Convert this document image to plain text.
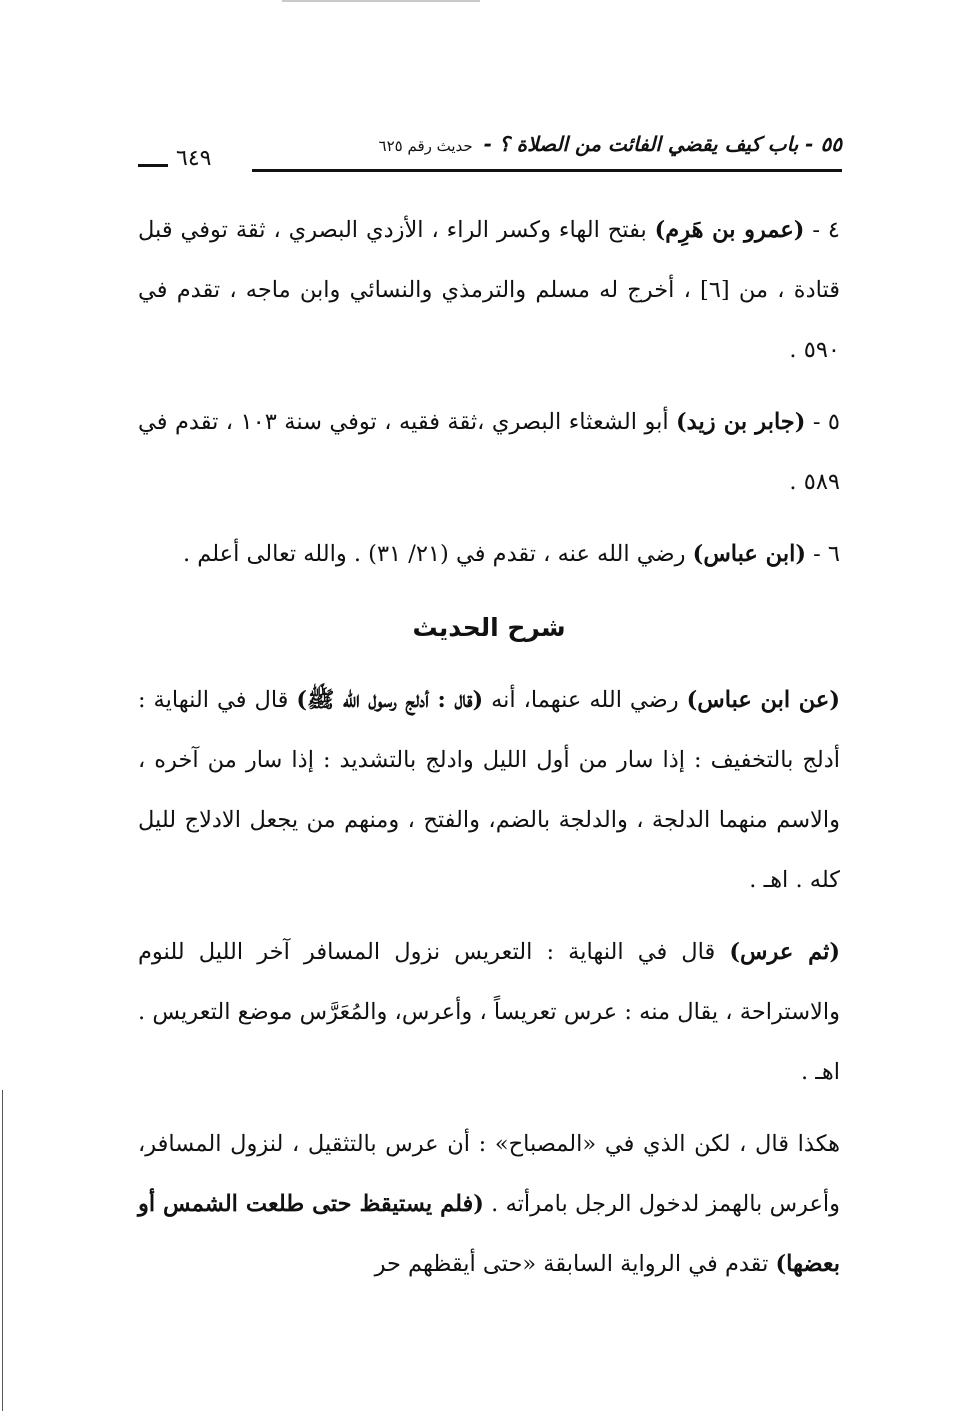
٥٥ - باب كيف يقضي الفائت من الصلاة ؟ - حديث رقم ٦٢٥
٦٤٩

٤ - (عمرو بن هَرِم) بفتح الهاء وكسر الراء ، الأزدي البصري ، ثقة توفي قبل قتادة ، من [٦] ، أخرج له مسلم والترمذي والنسائي وابن ماجه ، تقدم في ٥٩٠ .

٥ - (جابر بن زيد) أبو الشعثاء البصري ،ثقة فقيه ، توفي سنة ١٠٣ ، تقدم في ٥٨٩ .

٦ - (ابن عباس) رضي الله عنه ، تقدم في (٢١/ ٣١) . والله تعالى أعلم .

شرح الحديث

(عن ابن عباس) رضي الله عنهما، أنه (قال : أدلج رسول الله ﷺ) قال في النهاية : أدلج بالتخفيف : إذا سار من أول الليل وادلج بالتشديد : إذا سار من آخره ، والاسم منهما الدلجة ، والدلجة بالضم، والفتح ، ومنهم من يجعل الادلاج لليل كله . اهـ .

(ثم عرس) قال في النهاية : التعريس نزول المسافر آخر الليل للنوم والاستراحة ، يقال منه : عرس تعريساً ، وأعرس، والمُعَرَّس موضع التعريس . اهـ .

هكذا قال ، لكن الذي في «المصباح» : أن عرس بالتثقيل ، لنزول المسافر، وأعرس بالهمز لدخول الرجل بامرأته . (فلم يستيقظ حتى طلعت الشمس أو بعضها) تقدم في الرواية السابقة «حتى أيقظهم حر
